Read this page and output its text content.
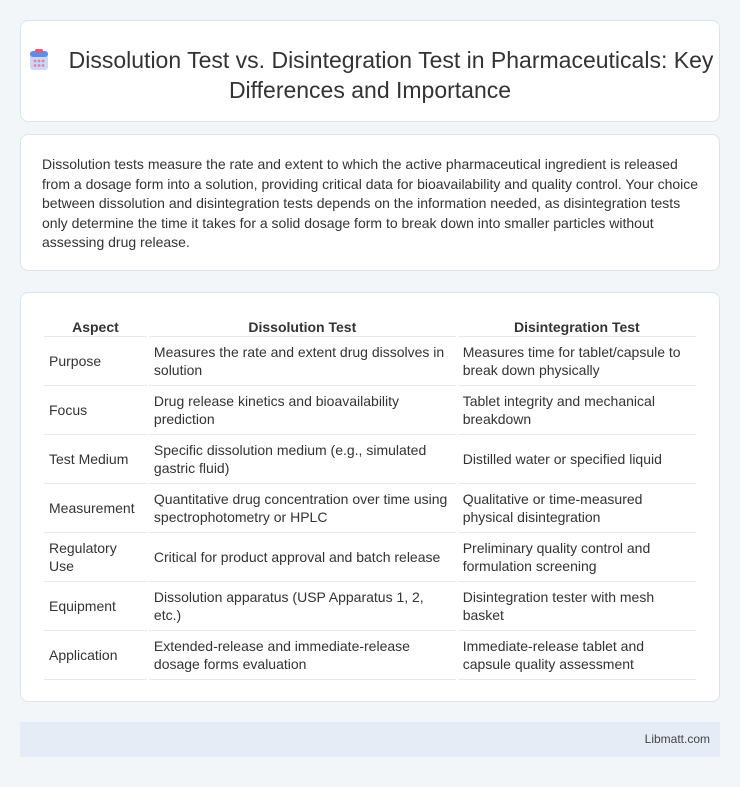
Dissolution Test vs. Disintegration Test in Pharmaceuticals: Key Differences and Importance

Dissolution tests measure the rate and extent to which the active pharmaceutical ingredient is released from a dosage form into a solution, providing critical data for bioavailability and quality control. Your choice between dissolution and disintegration tests depends on the information needed, as disintegration tests only determine the time it takes for a solid dosage form to break down into smaller particles without assessing drug release.

Aspect	Dissolution Test	Disintegration Test
Purpose	Measures the rate and extent drug dissolves in solution	Measures time for tablet/capsule to break down physically
Focus	Drug release kinetics and bioavailability prediction	Tablet integrity and mechanical breakdown
Test Medium	Specific dissolution medium (e.g., simulated gastric fluid)	Distilled water or specified liquid
Measurement	Quantitative drug concentration over time using spectrophotometry or HPLC	Qualitative or time-measured physical disintegration
Regulatory Use	Critical for product approval and batch release	Preliminary quality control and formulation screening
Equipment	Dissolution apparatus (USP Apparatus 1, 2, etc.)	Disintegration tester with mesh basket
Application	Extended-release and immediate-release dosage forms evaluation	Immediate-release tablet and capsule quality assessment
Libmatt.com
